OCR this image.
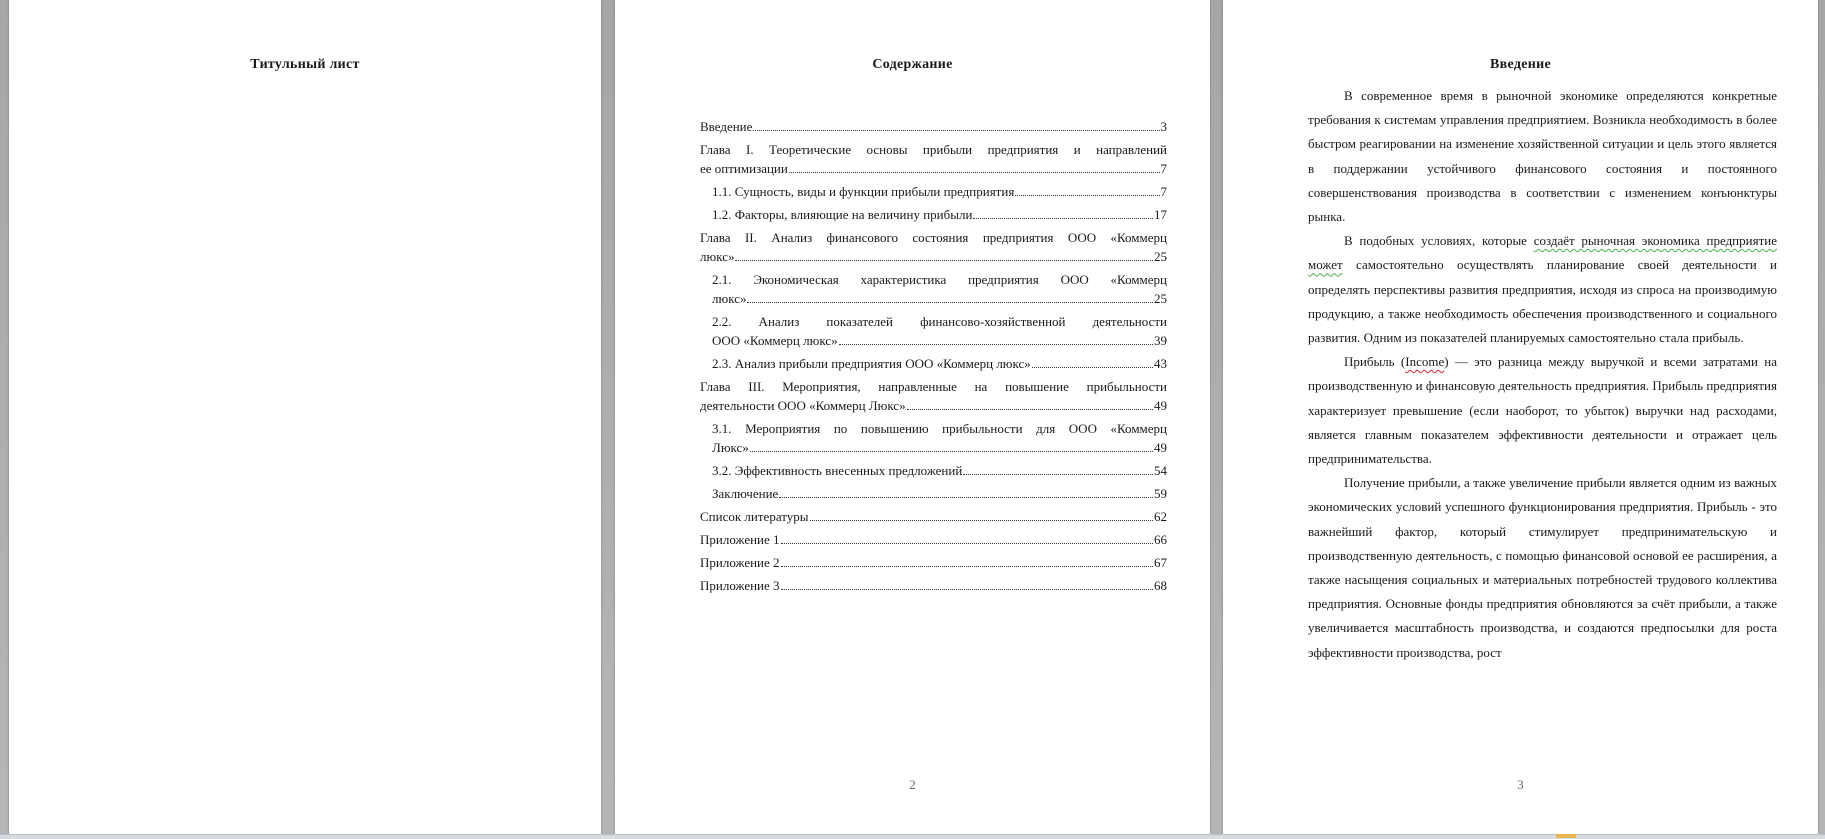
Титульный лист	Содержание
Введение	3
Глава I. Теоретические основы прибыли предприятия и направлений
ее оптимизации	7
1.1. Сущность, виды и функции прибыли предприятия	7
1.2. Факторы, влияющие на величину прибыли	17
Глава II. Анализ финансового состояния предприятия ООО «Коммерц
люкс»	25
2.1. Экономическая характеристика предприятия ООО «Коммерц
люкс»	25
2.2. Анализ показателей финансово-хозяйственной деятельности
ООО «Коммерц люкс»	39
2.3. Анализ прибыли предприятия ООО «Коммерц люкс»	43
Глава III. Мероприятия, направленные на повышение прибыльности
деятельности ООО «Коммерц Люкс»	49
3.1. Мероприятия по повышению прибыльности для ООО «Коммерц
Люкс»	49
3.2. Эффективность внесенных предложений	54
Заключение	59
Список литературы	62
Приложение 1	66
Приложение 2	67
Приложение 3	68
2
Введение

В современное время в рыночной экономике определяются конкретные требования к системам управления предприятием. Возникла необходимость в более быстром реагировании на изменение хозяйственной ситуации и цель этого является в поддержании устойчивого финансового состояния и постоянного совершенствования производства в соответствии с изменением конъюнктуры рынка.

В подобных условиях, которые создаёт рыночная экономика предприятие может самостоятельно осуществлять планирование своей деятельности и определять перспективы развития предприятия, исходя из спроса на производимую продукцию, а также необходимость обеспечения производственного и социального развития. Одним из показателей планируемых самостоятельно стала прибыль.

Прибыль (Income) — это разница между выручкой и всеми затратами на производственную и финансовую деятельность предприятия. Прибыль предприятия характеризует превышение (если наоборот, то убыток) выручки над расходами, является главным показателем эффективности деятельности и отражает цель предпринимательства.

Получение прибыли, а также увеличение прибыли является одним из важных экономических условий успешного функционирования предприятия. Прибыль - это важнейший фактор, который стимулирует предпринимательскую и производственную деятельность, с помощью финансовой основой ее расширения, а также насыщения социальных и материальных потребностей трудового коллектива предприятия. Основные фонды предприятия обновляются за счёт прибыли, а также увеличивается масштабность производства, и создаются предпосылки для роста эффективности производства, рост

3
